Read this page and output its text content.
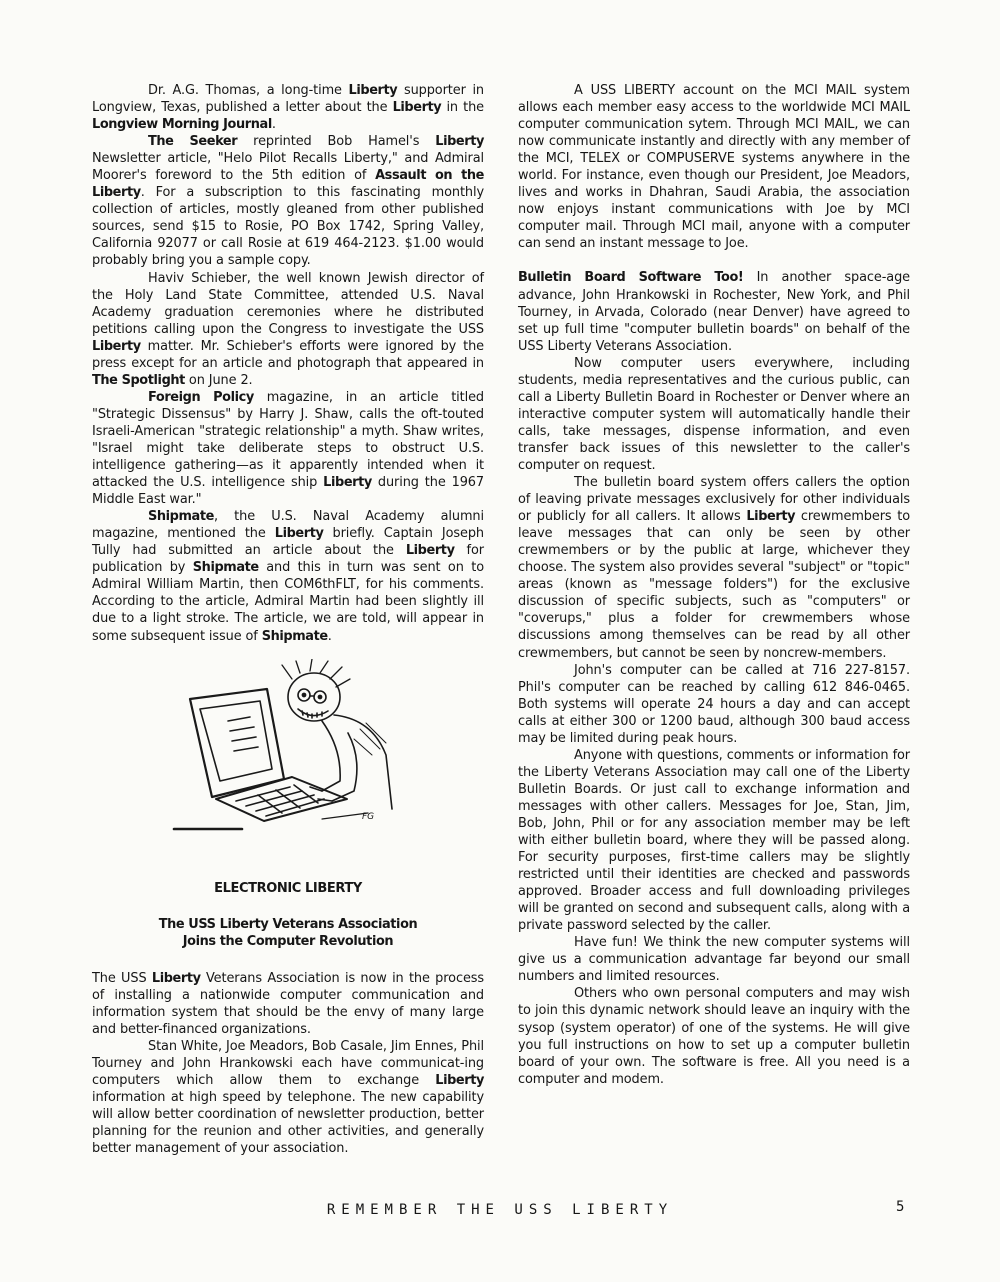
Dr. A.G. Thomas, a long-time Liberty supporter in Longview, Texas, published a letter about the Liberty in the Longview Morning Journal.

The Seeker reprinted Bob Hamel's Liberty Newsletter article, "Helo Pilot Recalls Liberty," and Admiral Moorer's foreword to the 5th edition of Assault on the Liberty. For a subscription to this fascinating monthly collection of articles, mostly gleaned from other published sources, send $15 to Rosie, PO Box 1742, Spring Valley, California 92077 or call Rosie at 619 464-2123. $1.00 would probably bring you a sample copy.

Haviv Schieber, the well known Jewish director of the Holy Land State Committee, attended U.S. Naval Academy graduation ceremonies where he distributed petitions calling upon the Congress to investigate the USS Liberty matter. Mr. Schieber's efforts were ignored by the press except for an article and photograph that appeared in The Spotlight on June 2.

Foreign Policy magazine, in an article titled "Strategic Dissensus" by Harry J. Shaw, calls the oft-touted Israeli-American "strategic relationship" a myth. Shaw writes, "Israel might take deliberate steps to obstruct U.S. intelligence gathering—as it apparently intended when it attacked the U.S. intelligence ship Liberty during the 1967 Middle East war."

Shipmate, the U.S. Naval Academy alumni magazine, mentioned the Liberty briefly. Captain Joseph Tully had submitted an article about the Liberty for publication by Shipmate and this in turn was sent on to Admiral William Martin, then COM6thFLT, for his comments. According to the article, Admiral Martin had been slightly ill due to a light stroke. The article, we are told, will appear in some subsequent issue of Shipmate.

FG
ELECTRONIC LIBERTY
The USS Liberty Veterans Association
Joins the Computer Revolution

The USS Liberty Veterans Association is now in the process of installing a nationwide computer communication and information system that should be the envy of many large and better-financed organizations.

Stan White, Joe Meadors, Bob Casale, Jim Ennes, Phil Tourney and John Hrankowski each have communicat-ing computers which allow them to exchange Liberty information at high speed by telephone. The new capability will allow better coordination of newsletter production, better planning for the reunion and other activities, and generally better management of your association.

A USS LIBERTY account on the MCI MAIL system allows each member easy access to the worldwide MCI MAIL computer communication sytem. Through MCI MAIL, we can now communicate instantly and directly with any member of the MCI, TELEX or COMPUSERVE systems anywhere in the world. For instance, even though our President, Joe Meadors, lives and works in Dhahran, Saudi Arabia, the association now enjoys instant communications with Joe by MCI computer mail. Through MCI mail, anyone with a computer can send an instant message to Joe.

Bulletin Board Software Too! In another space-age advance, John Hrankowski in Rochester, New York, and Phil Tourney, in Arvada, Colorado (near Denver) have agreed to set up full time "computer bulletin boards" on behalf of the USS Liberty Veterans Association.

Now computer users everywhere, including students, media representatives and the curious public, can call a Liberty Bulletin Board in Rochester or Denver where an interactive computer system will automatically handle their calls, take messages, dispense information, and even transfer back issues of this newsletter to the caller's computer on request.

The bulletin board system offers callers the option of leaving private messages exclusively for other individuals or publicly for all callers. It allows Liberty crewmembers to leave messages that can only be seen by other crewmembers or by the public at large, whichever they choose. The system also provides several "subject" or "topic" areas (known as "message folders") for the exclusive discussion of specific subjects, such as "computers" or "coverups," plus a folder for crewmembers whose discussions among themselves can be read by all other crewmembers, but cannot be seen by noncrew-members.

John's computer can be called at 716 227-8157. Phil's computer can be reached by calling 612 846-0465. Both systems will operate 24 hours a day and can accept calls at either 300 or 1200 baud, although 300 baud access may be limited during peak hours.

Anyone with questions, comments or information for the Liberty Veterans Association may call one of the Liberty Bulletin Boards. Or just call to exchange information and messages with other callers. Messages for Joe, Stan, Jim, Bob, John, Phil or for any association member may be left with either bulletin board, where they will be passed along. For security purposes, first-time callers may be slightly restricted until their identities are checked and passwords approved. Broader access and full downloading privileges will be granted on second and subsequent calls, along with a private password selected by the caller.

Have fun! We think the new computer systems will give us a communication advantage far beyond our small numbers and limited resources.

Others who own personal computers and may wish to join this dynamic network should leave an inquiry with the sysop (system operator) of one of the systems. He will give you full instructions on how to set up a computer bulletin board of your own. The software is free. All you need is a computer and modem.

REMEMBER THE USS LIBERTY	5
